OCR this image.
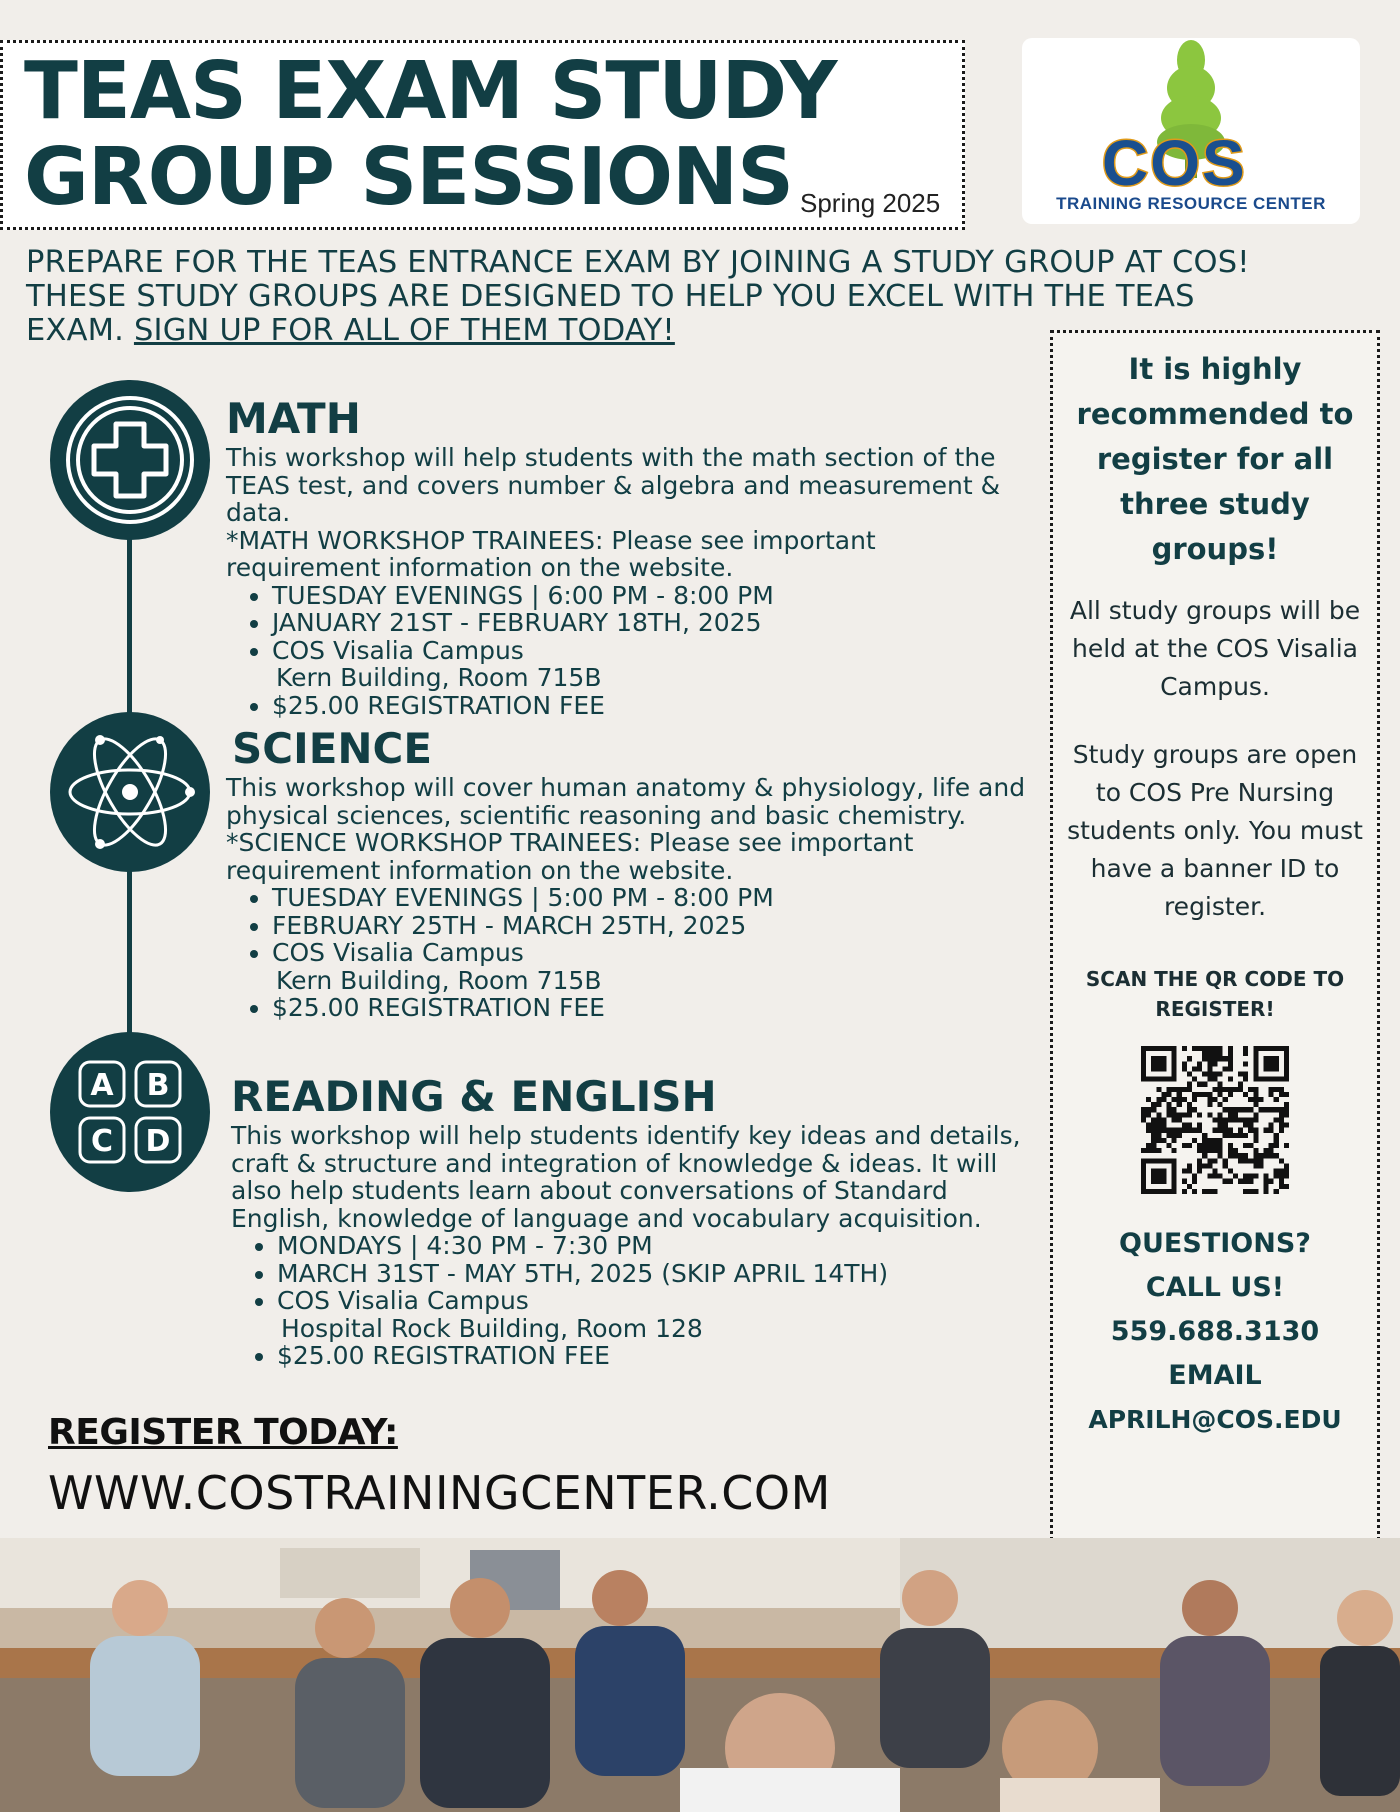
TEAS EXAM STUDY
GROUP SESSIONS Spring 2025
COS
TRAINING RESOURCE CENTER

PREPARE FOR THE TEAS ENTRANCE EXAM BY JOINING A STUDY GROUP AT COS! THESE STUDY GROUPS ARE DESIGNED TO HELP YOU EXCEL WITH THE TEAS EXAM. SIGN UP FOR ALL OF THEM TODAY!

A B
C D
MATH

This workshop will help students with the math section of the TEAS test, and covers number & algebra and measurement & data.

*MATH WORKSHOP TRAINEES: Please see important requirement information on the website.

• TUESDAY EVENINGS | 6:00 PM - 8:00 PM
• JANUARY 21ST - FEBRUARY 18TH, 2025
• COS Visalia Campus
Kern Building, Room 715B
• $25.00 REGISTRATION FEE
SCIENCE

This workshop will cover human anatomy & physiology, life and physical sciences, scientific reasoning and basic chemistry.

*SCIENCE WORKSHOP TRAINEES: Please see important requirement information on the website.

• TUESDAY EVENINGS | 5:00 PM - 8:00 PM
• FEBRUARY 25TH - MARCH 25TH, 2025
• COS Visalia Campus
Kern Building, Room 715B
• $25.00 REGISTRATION FEE
READING & ENGLISH

This workshop will help students identify key ideas and details, craft & structure and integration of knowledge & ideas. It will also help students learn about conversations of Standard English, knowledge of language and vocabulary acquisition.

• MONDAYS | 4:30 PM - 7:30 PM
• MARCH 31ST - MAY 5TH, 2025 (SKIP APRIL 14TH)
• COS Visalia Campus
Hospital Rock Building, Room 128
• $25.00 REGISTRATION FEE
REGISTER TODAY:
WWW.COSTRAININGCENTER.COM
It is highly recommended to register for all three study groups!
All study groups will be held at the COS Visalia Campus.
Study groups are open to COS Pre Nursing students only. You must have a banner ID to register.
SCAN THE QR CODE TO REGISTER!
QUESTIONS?
CALL US!
559.688.3130
EMAIL
APRILH@COS.EDU
